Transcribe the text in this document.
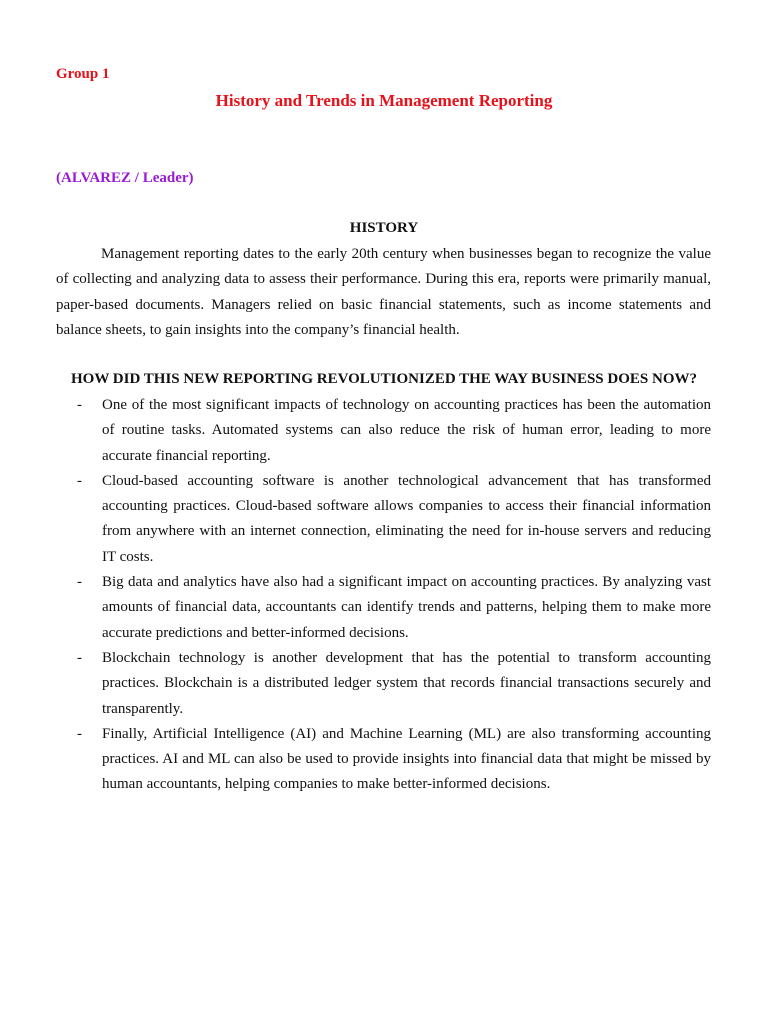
Group 1

History and Trends in Management Reporting

(ALVAREZ / Leader)

HISTORY

Management reporting dates to the early 20th century when businesses began to recognize the value of collecting and analyzing data to assess their performance. During this era, reports were primarily manual, paper-based documents. Managers relied on basic financial statements, such as income statements and balance sheets, to gain insights into the company’s financial health.

HOW DID THIS NEW REPORTING REVOLUTIONIZED THE WAY BUSINESS DOES NOW?
- One of the most significant impacts of technology on accounting practices has been the automation of routine tasks. Automated systems can also reduce the risk of human error, leading to more accurate financial reporting.
- Cloud-based accounting software is another technological advancement that has transformed accounting practices. Cloud-based software allows companies to access their financial information from anywhere with an internet connection, eliminating the need for in-house servers and reducing IT costs.
- Big data and analytics have also had a significant impact on accounting practices. By analyzing vast amounts of financial data, accountants can identify trends and patterns, helping them to make more accurate predictions and better-informed decisions.
- Blockchain technology is another development that has the potential to transform accounting practices. Blockchain is a distributed ledger system that records financial transactions securely and transparently.
- Finally, Artificial Intelligence (AI) and Machine Learning (ML) are also transforming accounting practices. AI and ML can also be used to provide insights into financial data that might be missed by human accountants, helping companies to make better-informed decisions.
